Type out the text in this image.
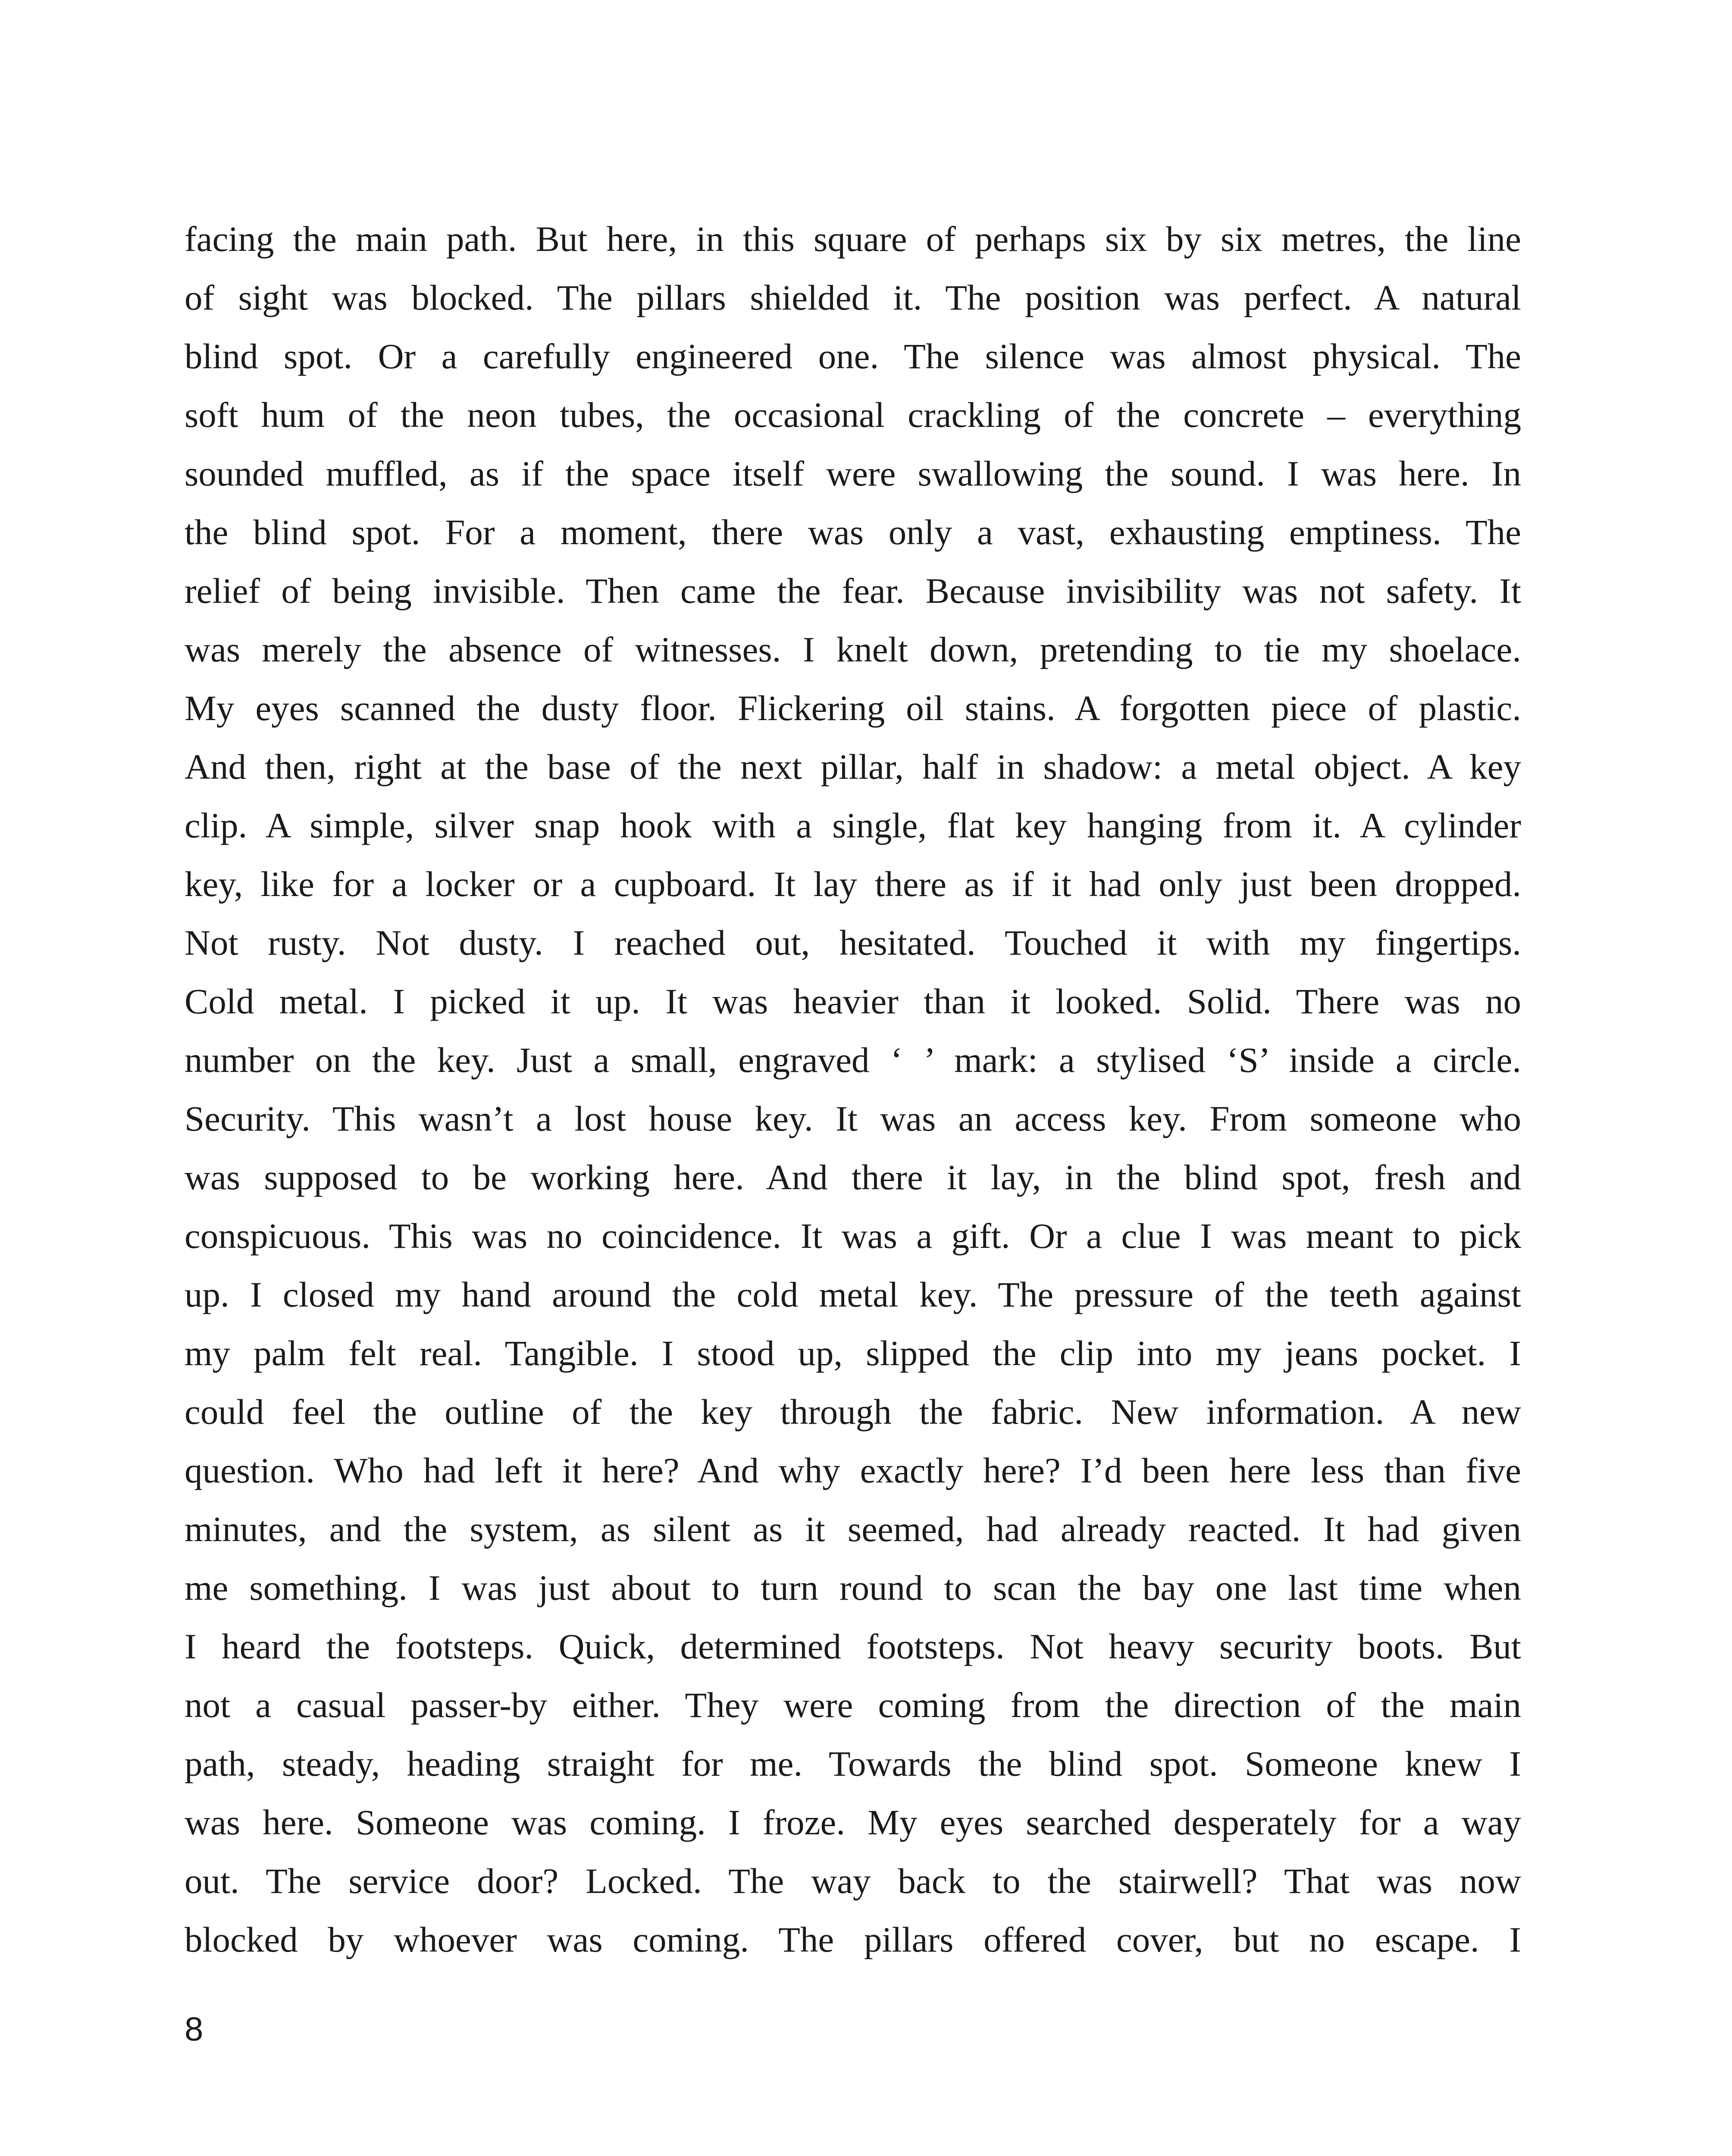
facing the main path. But here, in this square of perhaps six by six metres, the line
of sight was blocked. The pillars shielded it. The position was perfect. A natural
blind spot. Or a carefully engineered one. The silence was almost physical. The
soft hum of the neon tubes, the occasional crackling of the concrete – everything
sounded muffled, as if the space itself were swallowing the sound. I was here. In
the blind spot. For a moment, there was only a vast, exhausting emptiness. The
relief of being invisible. Then came the fear. Because invisibility was not safety. It
was merely the absence of witnesses. I knelt down, pretending to tie my shoelace.
My eyes scanned the dusty floor. Flickering oil stains. A forgotten piece of plastic.
And then, right at the base of the next pillar, half in shadow: a metal object. A key
clip. A simple, silver snap hook with a single, flat key hanging from it. A cylinder
key, like for a locker or a cupboard. It lay there as if it had only just been dropped.
Not rusty. Not dusty. I reached out, hesitated. Touched it with my fingertips.
Cold metal. I picked it up. It was heavier than it looked. Solid. There was no
number on the key. Just a small, engraved ‘ ’ mark: a stylised ‘S’ inside a circle.
Security. This wasn’t a lost house key. It was an access key. From someone who
was supposed to be working here. And there it lay, in the blind spot, fresh and
conspicuous. This was no coincidence. It was a gift. Or a clue I was meant to pick
up. I closed my hand around the cold metal key. The pressure of the teeth against
my palm felt real. Tangible. I stood up, slipped the clip into my jeans pocket. I
could feel the outline of the key through the fabric. New information. A new
question. Who had left it here? And why exactly here? I’d been here less than five
minutes, and the system, as silent as it seemed, had already reacted. It had given
me something. I was just about to turn round to scan the bay one last time when
I heard the footsteps. Quick, determined footsteps. Not heavy security boots. But
not a casual passer-by either. They were coming from the direction of the main
path, steady, heading straight for me. Towards the blind spot. Someone knew I
was here. Someone was coming. I froze. My eyes searched desperately for a way
out. The service door? Locked. The way back to the stairwell? That was now
blocked by whoever was coming. The pillars offered cover, but no escape. I
8
